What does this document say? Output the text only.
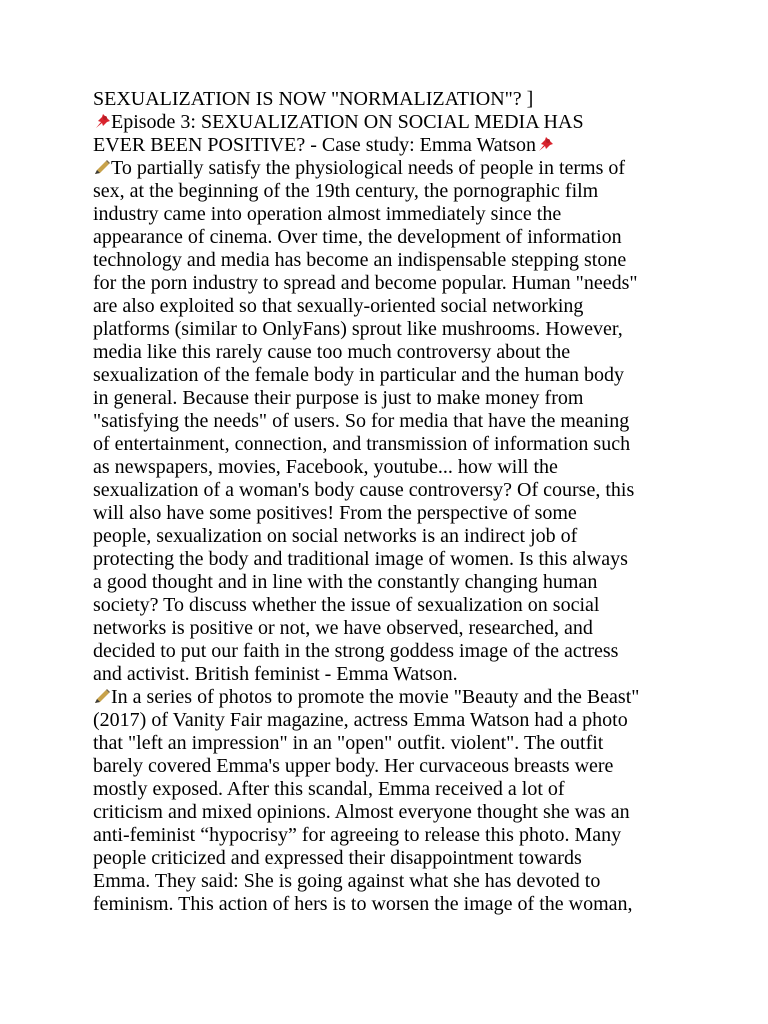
SEXUALIZATION IS NOW "NORMALIZATION"? ]
Episode 3: SEXUALIZATION ON SOCIAL MEDIA HAS
EVER BEEN POSITIVE? - Case study: Emma Watson
To partially satisfy the physiological needs of people in terms of
sex, at the beginning of the 19th century, the pornographic film
industry came into operation almost immediately since the
appearance of cinema. Over time, the development of information
technology and media has become an indispensable stepping stone
for the porn industry to spread and become popular. Human "needs"
are also exploited so that sexually-oriented social networking
platforms (similar to OnlyFans) sprout like mushrooms. However,
media like this rarely cause too much controversy about the
sexualization of the female body in particular and the human body
in general. Because their purpose is just to make money from
"satisfying the needs" of users. So for media that have the meaning
of entertainment, connection, and transmission of information such
as newspapers, movies, Facebook, youtube... how will the
sexualization of a woman's body cause controversy? Of course, this
will also have some positives! From the perspective of some
people, sexualization on social networks is an indirect job of
protecting the body and traditional image of women. Is this always
a good thought and in line with the constantly changing human
society? To discuss whether the issue of sexualization on social
networks is positive or not, we have observed, researched, and
decided to put our faith in the strong goddess image of the actress
and activist. British feminist - Emma Watson.
In a series of photos to promote the movie "Beauty and the Beast"
(2017) of Vanity Fair magazine, actress Emma Watson had a photo
that "left an impression" in an "open" outfit. violent". The outfit
barely covered Emma's upper body. Her curvaceous breasts were
mostly exposed. After this scandal, Emma received a lot of
criticism and mixed opinions. Almost everyone thought she was an
anti-feminist “hypocrisy” for agreeing to release this photo. Many
people criticized and expressed their disappointment towards
Emma. They said: She is going against what she has devoted to
feminism. This action of hers is to worsen the image of the woman,
